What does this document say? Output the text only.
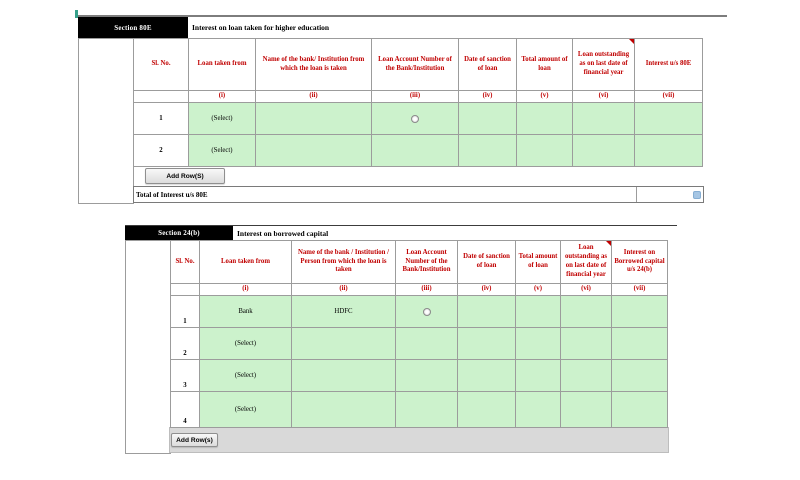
Section 80E	Interest on loan taken for higher education
Sl. No.	Loan taken from	Name of the bank/ Institution from which the loan is taken	Loan Account Number of the Bank/Institution	Date of sanction of loan	Total amount of loan	Loan outstanding as on last date of financial year	Interest u/s 80E
	(i)	(ii)	(iii)	(iv)	(v)	(vi)	(vii)
1	(Select)						
2	(Select)						
Add Row(S)
Total of Interest u/s 80E
Section 24(b)	Interest on borrowed capital
Sl. No.	Loan taken from	Name of the bank / Institution / Person from which the loan is taken	Loan Account Number of the Bank/Institution	Date of sanction of loan	Total amount of loan	Loan outstanding as on last date of financial year	Interest on Borrowed capital u/s 24(b)
	(i)	(ii)	(iii)	(iv)	(v)	(vi)	(vii)
1	Bank	HDFC					
2	(Select)						
3	(Select)						
4	(Select)						
Add Row(s)
